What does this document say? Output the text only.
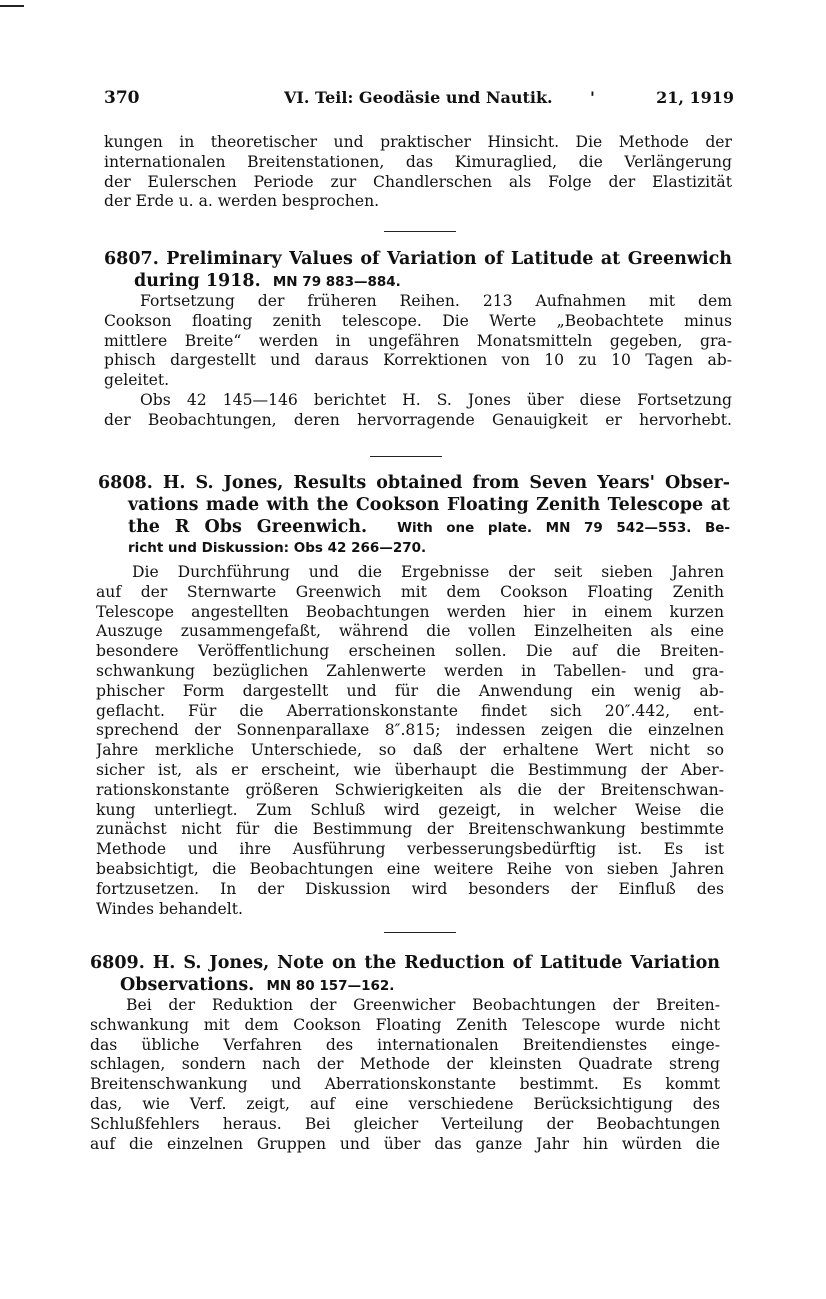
370	VI. Teil: Geodäsie und Nautik. '	21, 1919
kungen in theoretischer und praktischer Hinsicht. Die Methode der
internationalen Breitenstationen, das Kimuraglied, die Verlängerung
der Eulerschen Periode zur Chandlerschen als Folge der Elastizität
der Erde u. a. werden besprochen.
6807. Preliminary Values of Variation of Latitude at Greenwich
during 1918. MN 79 883—884.
Fortsetzung der früheren Reihen. 213 Aufnahmen mit dem
Cookson floating zenith telescope. Die Werte „Beobachtete minus
mittlere Breite“ werden in ungefähren Monatsmitteln gegeben, gra-
phisch dargestellt und daraus Korrektionen von 10 zu 10 Tagen ab-
geleitet.
Obs 42 145—146 berichtet H. S. Jones über diese Fortsetzung
der Beobachtungen, deren hervorragende Genauigkeit er hervorhebt.
6808. H. S. Jones, Results obtained from Seven Years' Obser-
vations made with the Cookson Floating Zenith Telescope at
the R Obs Greenwich. With one plate. MN 79 542—553. Be-
richt und Diskussion: Obs 42 266—270.
Die Durchführung und die Ergebnisse der seit sieben Jahren
auf der Sternwarte Greenwich mit dem Cookson Floating Zenith
Telescope angestellten Beobachtungen werden hier in einem kurzen
Auszuge zusammengefaßt, während die vollen Einzelheiten als eine
besondere Veröffentlichung erscheinen sollen. Die auf die Breiten-
schwankung bezüglichen Zahlenwerte werden in Tabellen- und gra-
phischer Form dargestellt und für die Anwendung ein wenig ab-
geflacht. Für die Aberrationskonstante findet sich 20″.442, ent-
sprechend der Sonnenparallaxe 8″.815; indessen zeigen die einzelnen
Jahre merkliche Unterschiede, so daß der erhaltene Wert nicht so
sicher ist, als er erscheint, wie überhaupt die Bestimmung der Aber-
rationskonstante größeren Schwierigkeiten als die der Breitenschwan-
kung unterliegt. Zum Schluß wird gezeigt, in welcher Weise die
zunächst nicht für die Bestimmung der Breitenschwankung bestimmte
Methode und ihre Ausführung verbesserungsbedürftig ist. Es ist
beabsichtigt, die Beobachtungen eine weitere Reihe von sieben Jahren
fortzusetzen. In der Diskussion wird besonders der Einfluß des
Windes behandelt.
6809. H. S. Jones, Note on the Reduction of Latitude Variation
Observations. MN 80 157—162.
Bei der Reduktion der Greenwicher Beobachtungen der Breiten-
schwankung mit dem Cookson Floating Zenith Telescope wurde nicht
das übliche Verfahren des internationalen Breitendienstes einge-
schlagen, sondern nach der Methode der kleinsten Quadrate streng
Breitenschwankung und Aberrationskonstante bestimmt. Es kommt
das, wie Verf. zeigt, auf eine verschiedene Berücksichtigung des
Schlußfehlers heraus. Bei gleicher Verteilung der Beobachtungen
auf die einzelnen Gruppen und über das ganze Jahr hin würden die
